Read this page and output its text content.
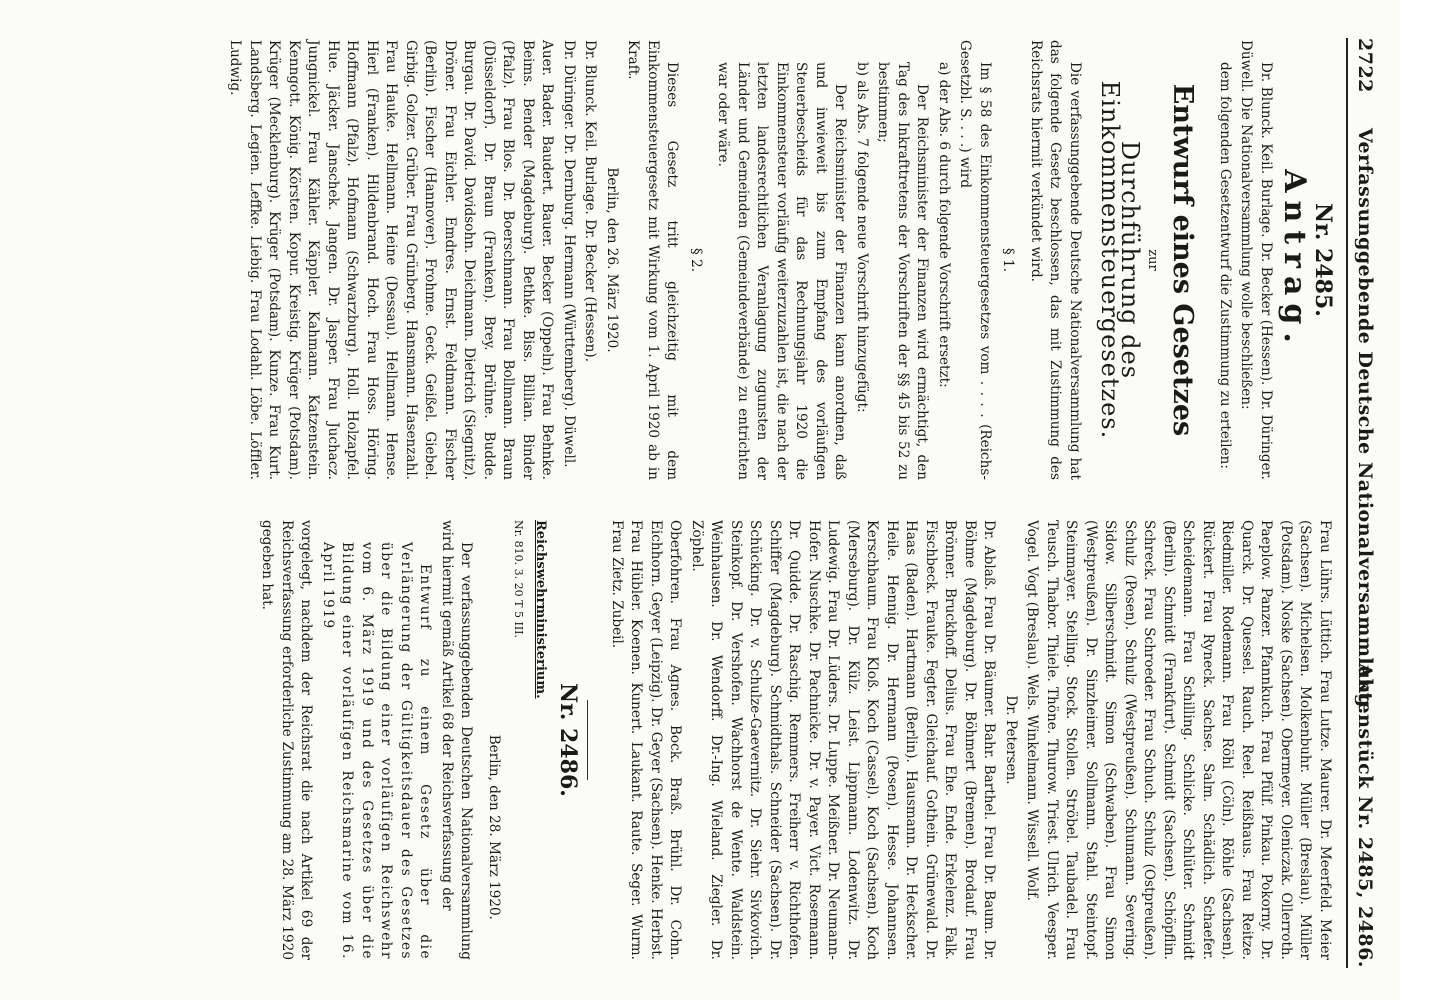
2722
Verfassunggebende Deutsche Nationalversammlung.
Aktenstück Nr. 2485, 2486.
Nr. 2485.
Antrag.

Dr. Blunck. Keil. Burlage. Dr. Becker (Hessen). Dr. Düringer. Düwell. Die Nationalversammlung wolle beschließen:

dem folgenden Gesetzentwurf die Zustimmung zu erteilen:

Entwurf eines Gesetzes
zur
Durchführung des Einkommensteuergesetzes.

Die verfassunggebende Deutsche Nationalversammlung hat das folgende Gesetz beschlossen, das mit Zustimmung des Reichsrats hiermit verkündet wird.

§ 1.

Im § 58 des Einkommensteuergesetzes vom . . . . (Reichs-Gesetzbl. S. . . .) wird

a) der Abs. 6 durch folgende Vorschrift ersetzt:

Der Reichsminister der Finanzen wird ermächtigt, den Tag des Inkrafttretens der Vorschriften der §§ 45 bis 52 zu bestimmen;

b) als Abs. 7 folgende neue Vorschrift hinzugefügt:

Der Reichsminister der Finanzen kann anordnen, daß und inwieweit bis zum Empfang des vorläufigen Steuerbescheids für das Rechnungsjahr 1920 die Einkommensteuer vorläufig weiterzuzahlen ist, die nach der letzten landesrechtlichen Veranlagung zugunsten der Länder und Gemeinden (Gemeindeverbände) zu entrichten war oder wäre.

§ 2.

Dieses Gesetz tritt gleichzeitig mit dem Einkommensteuergesetz mit Wirkung vom 1. April 1920 ab in Kraft.

Berlin, den 26. März 1920.

Dr. Blunck. Keil. Burlage. Dr. Becker (Hessen).

Dr. Düringer. Dr. Dernburg. Hermann (Württemberg). Düwell.

Auer. Bader. Baudert. Bauer. Becker (Oppeln). Frau Behnke. Beims. Bender (Magdeburg). Bethke. Biss. Billian. Binder (Pfalz). Frau Blos. Dr. Boerschmann. Frau Bollmann. Braun (Düsseldorf). Dr. Braun (Franken). Brey. Brühne. Budde. Burgau. Dr. David. Davidsohn. Deichmann. Dietrich (Siegnitz). Dröner. Frau Eichler. Emdres. Ernst. Feldmann. Fischer (Berlin). Fischer (Hannover). Frohme. Geck. Geißel. Giebel. Girbig. Golzer. Grüber. Frau Grünberg. Hansmann. Hasenzahl. Frau Hauke. Hellmann. Heine (Dessau). Hellmann. Hense. Hierl (Franken). Hildenbrand. Hoch. Frau Hoss. Höring. Hoffmann (Pfalz). Hofmann (Schwarzburg). Holl. Holzapfel. Hue. Jäcker. Janschek. Jangen. Dr. Jasper. Frau Juchacz. Jungnickel. Frau Kähler. Käppler. Kahmann. Katzenstein. Kenngott. König. Körsten. Kopur. Kreistig. Krüger (Potsdam). Krüger (Mecklenburg). Krüger (Potsdam). Kunze. Frau Kurt. Landsberg. Legien. Leffke. Liebig. Frau Lodahl. Löbe. Löffler. Ludwig.

Frau Lührs. Lüttich. Frau Lutze. Maurer. Dr. Meerfeld. Meier (Sachsen). Michelsen. Molkenbuhr. Müller (Breslau). Müller (Potsdam). Noske (Sachsen). Obermeyer. Oleniczak. Ollerroth. Paeplow. Panzer. Pfannkuch. Frau Pfülf. Pinkau. Pokorny. Dr. Quarck. Dr. Quessel. Rauch. Reel. Reißhaus. Frau Reitze. Riedmiller. Rodemann. Frau Röhl (Cöln). Röhle (Sachsen). Rückert. Frau Ryneck. Sachse. Salm. Schädlich. Schaefer. Scheidemann. Frau Schilling. Schlicke. Schlüter. Schmidt (Berlin). Schmidt (Frankfurt). Schmidt (Sachsen). Schöpflin. Schreck. Frau Schroeder. Frau Schuch. Schulz (Ostpreußen). Schulz (Posen). Schulz (Westpreußen). Schumann. Severing. Sidow. Silberschmidt. Simon (Schwaben). Frau Simon (Westpreußen). Dr. Sinzheimer. Sollmann. Stahl. Steintopf. Steinmayer. Stelling. Stock. Stollen. Ströbel. Taubadel. Frau Teusch. Thabor. Thiele. Thöne. Thurow. Triest. Ulrich. Veesper. Vogel. Vogt (Breslau). Wels. Winkelmann. Wissell. Wolf.

Dr. Petersen.

Dr. Ablaß. Frau Dr. Bäumer. Bahr. Barthel. Frau Dr. Baum. Dr. Böhme (Magdeburg). Dr. Böhmert (Bremen). Brodauf. Frau Brönner. Bruckhoff. Delius. Frau Ehe. Ende. Erkelenz. Falk. Fischbeck. Frauke. Fegter. Gleichauf. Gothein. Grünewald. Dr. Haas (Baden). Hartmann (Berlin). Hausmann. Dr. Heckscher. Heile. Hennig. Dr. Hermann (Posen). Hesse. Johannsen. Kerschbaum. Frau Kloß. Koch (Cassel). Koch (Sachsen). Koch (Merseburg). Dr. Külz. Leist. Lippmann. Lodenwitz. Dr. Ludewig. Frau Dr. Lüders. Dr. Luppe. Meißner. Dr. Neumann-Hofer. Nuschke. Dr. Pachnicke. Dr. v. Payer. Vict. Rosemann. Dr. Quidde. Dr. Raschig. Remmers. Freiherr v. Richthofen. Schiffer (Magdeburg). Schmidthals. Schneider (Sachsen). Dr. Schücking. Dr. v. Schulze-Gaevernitz. Dr. Siehr. Sivkovich. Steinkopf. Dr. Vershofen. Wachhorst de Wente. Waldstein. Weinhausen. Dr. Wendorff. Dr.-Ing. Wieland. Ziegler. Dr. Zöphel.

Oberfohren. Frau Agnes. Bock. Braß. Brühl. Dr. Cohn. Eichhorn. Geyer (Leipzig). Dr. Geyer (Sachsen). Henke. Herbst. Frau Hübler. Koenen. Kunert. Laukant. Raute. Seger. Wurm. Frau Zietz. Zubeil.

Nr. 2486.
Reichswehrministerium.
Nr. 810. 3. 20 T 5 III.
Berlin, den 28. März 1920.

Der verfassunggebenden Deutschen Nationalversammlung wird hiermit gemäß Artikel 68 der Reichsverfassung der

Entwurf zu einem Gesetz über die Verlängerung der Gültigkeitsdauer des Gesetzes über die Bildung einer vorläufigen Reichswehr vom 6. März 1919 und des Gesetzes über die Bildung einer vorläufigen Reichsmarine vom 16. April 1919

vorgelegt, nachdem der Reichsrat die nach Artikel 69 der Reichsverfassung erforderliche Zustimmung am 28. März 1920 gegeben hat.
